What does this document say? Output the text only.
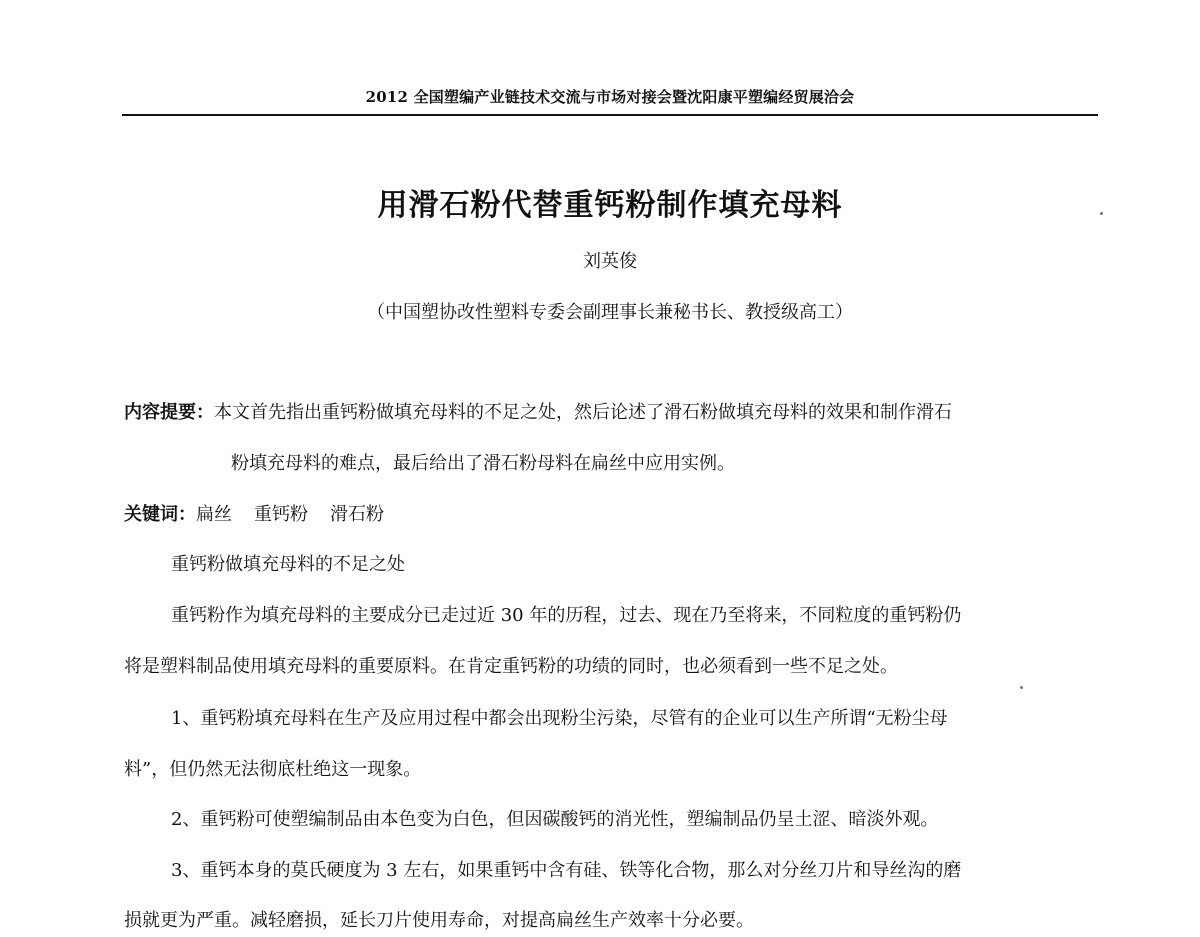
2012 全国塑编产业链技术交流与市场对接会暨沈阳康平塑编经贸展洽会
用滑石粉代替重钙粉制作填充母料
刘英俊
（中国塑协改性塑料专委会副理事长兼秘书长、教授级高工）
内容提要：本文首先指出重钙粉做填充母料的不足之处，然后论述了滑石粉做填充母料的效果和制作滑石
粉填充母料的难点，最后给出了滑石粉母料在扁丝中应用实例。
关键词：扁丝 重钙粉 滑石粉
重钙粉做填充母料的不足之处
重钙粉作为填充母料的主要成分已走过近 30 年的历程，过去、现在乃至将来，不同粒度的重钙粉仍
将是塑料制品使用填充母料的重要原料。在肯定重钙粉的功绩的同时，也必须看到一些不足之处。
1、重钙粉填充母料在生产及应用过程中都会出现粉尘污染，尽管有的企业可以生产所谓“无粉尘母
料”，但仍然无法彻底杜绝这一现象。
2、重钙粉可使塑编制品由本色变为白色，但因碳酸钙的消光性，塑编制品仍呈土涩、暗淡外观。
3、重钙本身的莫氏硬度为 3 左右，如果重钙中含有硅、铁等化合物，那么对分丝刀片和导丝沟的磨
损就更为严重。减轻磨损，延长刀片使用寿命，对提高扁丝生产效率十分必要。
